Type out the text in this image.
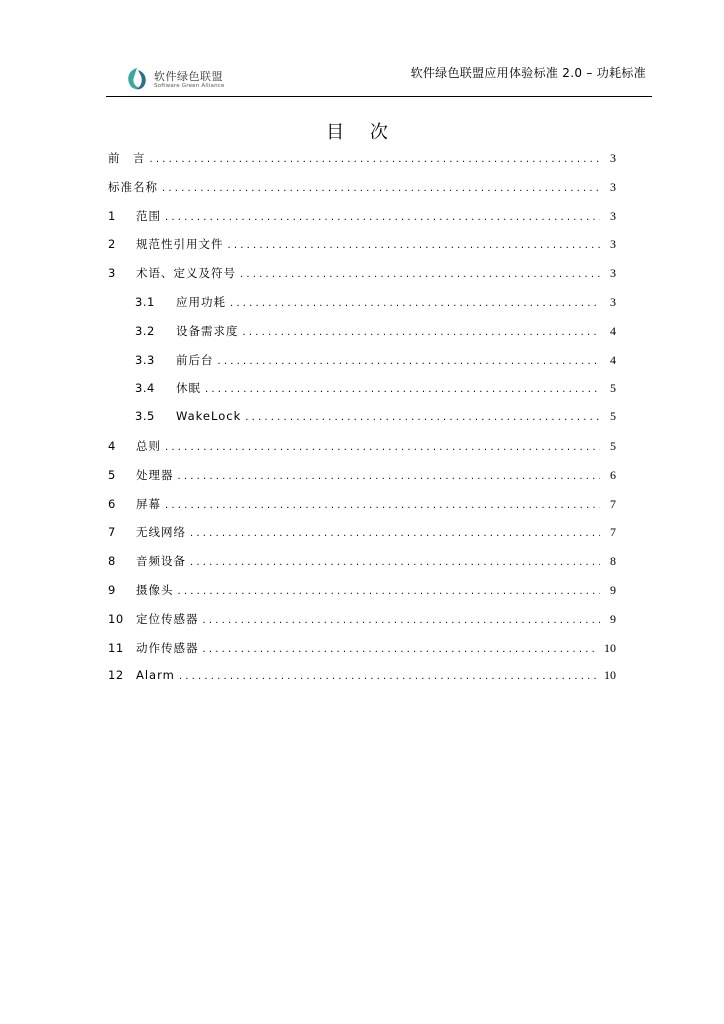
软件绿色联盟
Software Green Alliance
软件绿色联盟应用体验标准 2.0 – 功耗标准
目 次
前　言 .....	3
标准名称 .....	3
1	范围 .....	3
2	规范性引用文件 .....	3
3	术语、定义及符号 .....	3
3.1	应用功耗 .....	3
3.2	设备需求度 .....	4
3.3	前后台 .....	4
3.4	休眠 .....	5
3.5	WakeLock .....	5
4	总则 .....	5
5	处理器 .....	6
6	屏幕 .....	7
7	无线网络 .....	7
8	音频设备 .....	8
9	摄像头 .....	9
10	定位传感器 .....	9
11	动作传感器 .....	10
12	Alarm .....	10
